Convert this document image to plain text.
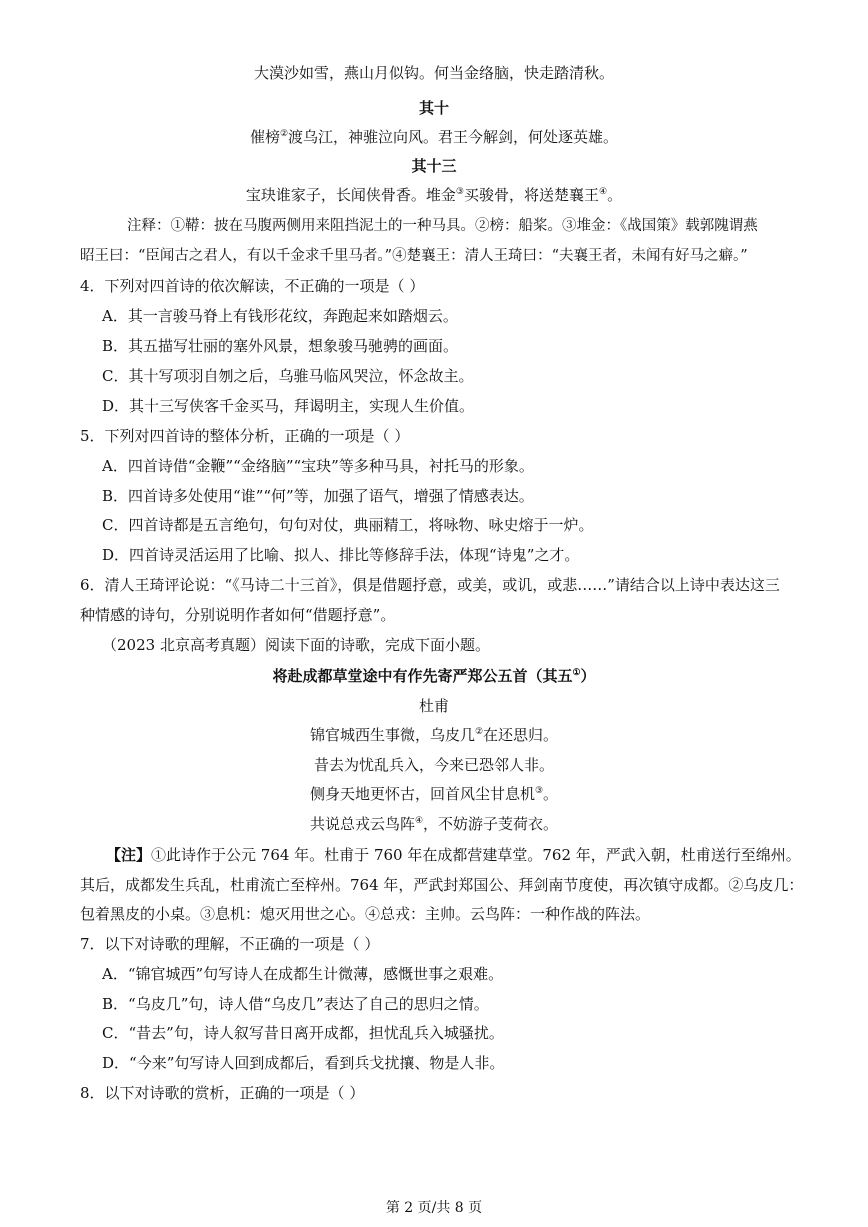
大漠沙如雪，燕山月似钩。何当金络脑，快走踏清秋。
其十
催榜②渡乌江，神骓泣向风。君王今解剑，何处逐英雄。
其十三
宝玦谁家子，长闻侠骨香。堆金③买骏骨，将送楚襄王④。
注释：①鞯：披在马腹两侧用来阻挡泥土的一种马具。②榜：船桨。③堆金：《战国策》载郭隗谓燕
昭王曰：“臣闻古之君人，有以千金求千里马者。”④楚襄王：清人王琦曰：“夫襄王者，未闻有好马之癖。”
4．下列对四首诗的依次解读，不正确的一项是（ ）
A．其一言骏马脊上有钱形花纹，奔跑起来如踏烟云。
B．其五描写壮丽的塞外风景，想象骏马驰骋的画面。
C．其十写项羽自刎之后，乌骓马临风哭泣，怀念故主。
D．其十三写侠客千金买马，拜谒明主，实现人生价值。
5．下列对四首诗的整体分析，正确的一项是（ ）
A．四首诗借“金鞭”“金络脑”“宝玦”等多种马具，衬托马的形象。
B．四首诗多处使用“谁”“何”等，加强了语气，增强了情感表达。
C．四首诗都是五言绝句，句句对仗，典丽精工，将咏物、咏史熔于一炉。
D．四首诗灵活运用了比喻、拟人、排比等修辞手法，体现“诗鬼”之才。
6．清人王琦评论说：“《马诗二十三首》，俱是借题抒意，或美，或讥，或悲……”请结合以上诗中表达这三
种情感的诗句，分别说明作者如何“借题抒意”。
（2023 北京高考真题）阅读下面的诗歌，完成下面小题。
将赴成都草堂途中有作先寄严郑公五首（其五①）
杜甫
锦官城西生事微，乌皮几②在还思归。
昔去为忧乱兵入，今来已恐邻人非。
侧身天地更怀古，回首风尘甘息机③。
共说总戎云鸟阵④，不妨游子芰荷衣。
【注】①此诗作于公元 764 年。杜甫于 760 年在成都营建草堂。762 年，严武入朝，杜甫送行至绵州。
其后，成都发生兵乱，杜甫流亡至梓州。764 年，严武封郑国公、拜剑南节度使，再次镇守成都。②乌皮几：
包着黑皮的小桌。③息机：熄灭用世之心。④总戎：主帅。云鸟阵：一种作战的阵法。
7．以下对诗歌的理解，不正确的一项是（ ）
A．“锦官城西”句写诗人在成都生计微薄，感慨世事之艰难。
B．“乌皮几”句，诗人借“乌皮几”表达了自己的思归之情。
C．“昔去”句，诗人叙写昔日离开成都，担忧乱兵入城骚扰。
D．“今来”句写诗人回到成都后，看到兵戈扰攘、物是人非。
8．以下对诗歌的赏析，正确的一项是（ ）
第 2 页/共 8 页
